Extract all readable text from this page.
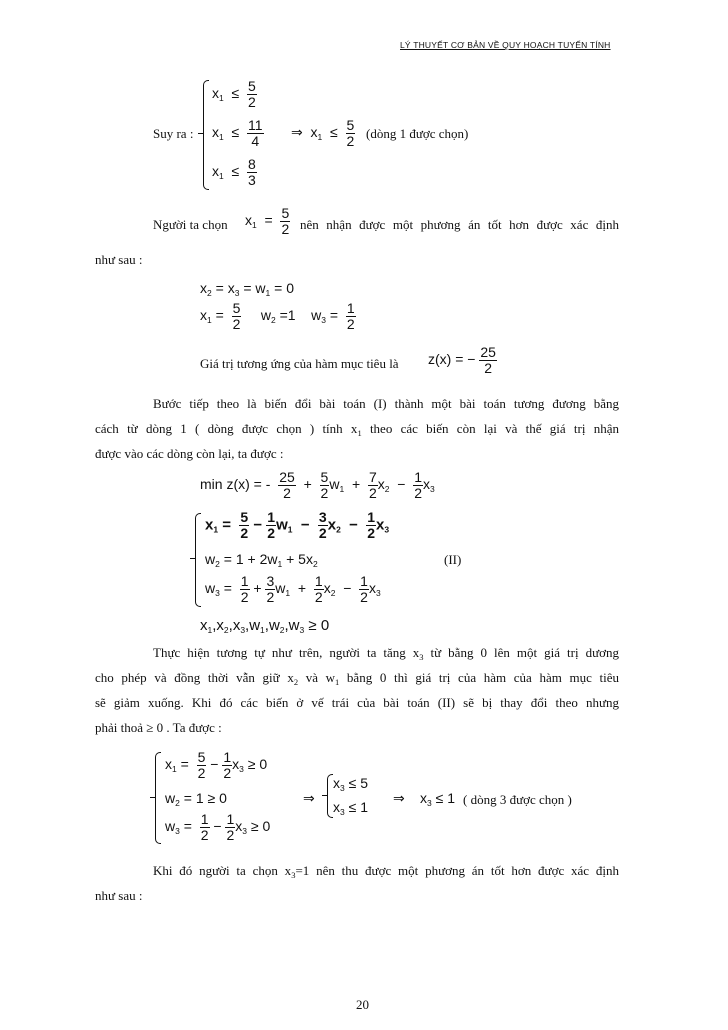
LÝ THUYẾT CƠ BẢN VỀ QUY HOẠCH TUYẾN TÍNH
Suy ra :
$x_1 \le \frac{5}{2}$
$x_1 \le \frac{11}{4}$
$x_1 \le \frac{8}{3}$
⇒ $x_1 \le \frac{5}{2}$ (dòng 1 được chọn)
Người ta chọn $x_1 = \frac{5}{2}$ nên nhận được một phương án tốt hơn được xác định
như sau :
$x_2 = x_3 = w_1 = 0$
$x_1 = \frac{5}{2} w_2 =1$ $w_3 = \frac{1}{2}$
Giá trị tương ứng của hàm mục tiêu là z(x) = − $\frac{25}{2}$
Bước tiếp theo là biến đổi bài toán (I) thành một bài toán tương đương bằng
cách từ dòng 1 ( dòng được chọn ) tính $x_1$ theo các biến còn lại và thế giá trị nhận
được vào các dòng còn lại, ta được :
min z(x) = - $\frac{25}{2} + \frac{5}{2} w_1 + \frac{7}{2} x_2 - \frac{1}{2} x_3$
$x_1 = \frac{5}{2} - \frac{1}{2} w_1 - \frac{3}{2} x_2 - \frac{1}{2} x_3$
$w_2 = 1 + 2w_1 + 5x_2$	(II)
$w_3 = \frac{1}{2} + \frac{3}{2} w_1 + \frac{1}{2} x_2 - \frac{1}{2} x_3$
$x_1,x_2,x_3,w_1,w_2,w_3 \ge 0$
Thực hiện tương tự như trên, người ta tăng $x_3$ từ bằng 0 lên một giá trị dương
cho phép và đồng thời vẫn giữ $x_2$ và $w_1$ bằng 0 thì giá trị của hàm của hàm mục tiêu
sẽ giảm xuống. Khi đó các biến ở vế trái của bài toán (II) sẽ bị thay đổi theo nhưng
phải thoả ≥ 0 . Ta được :
$x_1 = \frac{5}{2} - \frac{1}{2} x_3 \ge 0$
$w_2 = 1 \ge 0$
$w_3 = \frac{1}{2} - \frac{1}{2} x_3 \ge 0$
⇒
$x_3 \le 5$
$x_3 \le 1$
⇒ $x_3 \le 1$ ( dòng 3 được chọn )
Khi đó người ta chọn $x_3=1$ nên thu được một phương án tốt hơn được xác định
như sau :
20
